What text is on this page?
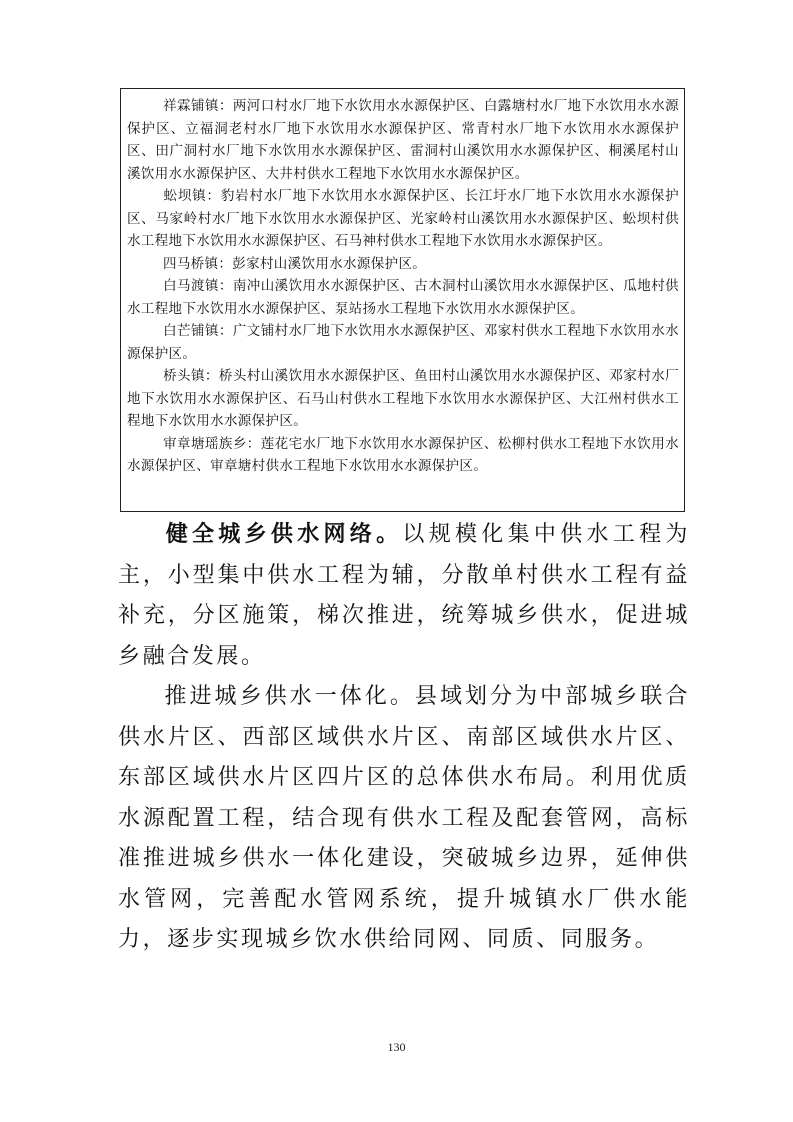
祥霖铺镇：两河口村水厂地下水饮用水水源保护区、白露塘村水厂地下水饮用水水源保护区、立福洞老村水厂地下水饮用水水源保护区、常青村水厂地下水饮用水水源保护区、田广洞村水厂地下水饮用水水源保护区、雷洞村山溪饮用水水源保护区、桐溪尾村山溪饮用水水源保护区、大井村供水工程地下水饮用水水源保护区。

蚣坝镇：豹岩村水厂地下水饮用水水源保护区、长江圩水厂地下水饮用水水源保护区、马家岭村水厂地下水饮用水水源保护区、光家岭村山溪饮用水水源保护区、蚣坝村供水工程地下水饮用水水源保护区、石马神村供水工程地下水饮用水水源保护区。

四马桥镇：彭家村山溪饮用水水源保护区。

白马渡镇：南冲山溪饮用水水源保护区、古木洞村山溪饮用水水源保护区、瓜地村供水工程地下水饮用水水源保护区、泵站扬水工程地下水饮用水水源保护区。

白芒铺镇：广文铺村水厂地下水饮用水水源保护区、邓家村供水工程地下水饮用水水源保护区。

桥头镇：桥头村山溪饮用水水源保护区、鱼田村山溪饮用水水源保护区、邓家村水厂地下水饮用水水源保护区、石马山村供水工程地下水饮用水水源保护区、大江州村供水工程地下水饮用水水源保护区。

审章塘瑶族乡：莲花宅水厂地下水饮用水水源保护区、松柳村供水工程地下水饮用水水源保护区、审章塘村供水工程地下水饮用水水源保护区。

健全城乡供水网络。以规模化集中供水工程为主，小型集中供水工程为辅，分散单村供水工程有益补充，分区施策，梯次推进，统筹城乡供水，促进城乡融合发展。

推进城乡供水一体化。县域划分为中部城乡联合供水片区、西部区域供水片区、南部区域供水片区、东部区域供水片区四片区的总体供水布局。利用优质水源配置工程，结合现有供水工程及配套管网，高标准推进城乡供水一体化建设，突破城乡边界，延伸供水管网，完善配水管网系统，提升城镇水厂供水能力，逐步实现城乡饮水供给同网、同质、同服务。

130
